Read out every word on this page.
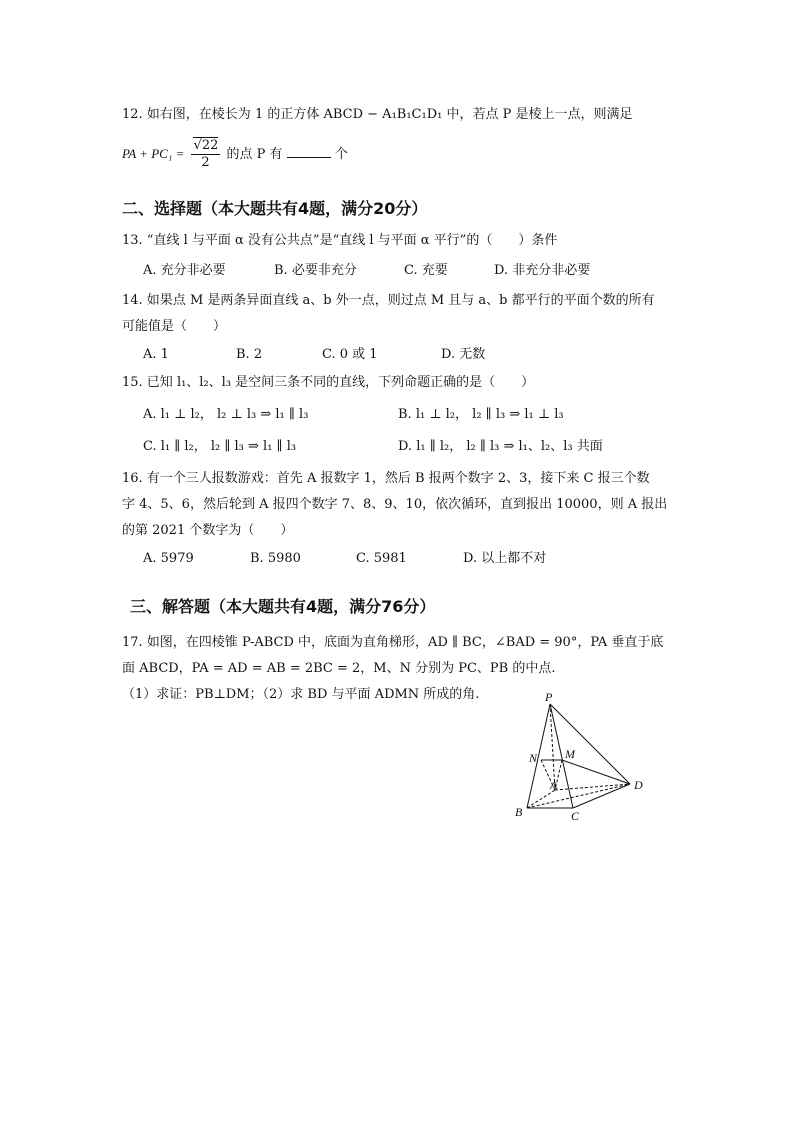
12. 如右图，在棱长为 1 的正方体 ABCD − A₁B₁C₁D₁ 中，若点 P 是棱上一点，则满足
PA + $PC_1 = \frac{√22}{2}$ 的点 P 有	个
二、选择题（本大题共有4题，满分20分）
13. “直线 l 与平面 α 没有公共点”是“直线 l 与平面 α 平行”的（　　）条件
A. 充分非必要	B. 必要非充分	C. 充要	D. 非充分非必要
14. 如果点 M 是两条异面直线 a、b 外一点，则过点 M 且与 a、b 都平行的平面个数的所有
可能值是（　　）
A. 1	B. 2	C. 0 或 1	D. 无数
15. 已知 l₁、l₂、l₃ 是空间三条不同的直线，下列命题正确的是（　　）
A. l₁ ⊥ l₂， l₂ ⊥ l₃ ⇒ l₁ ∥ l₃	B. l₁ ⊥ l₂， l₂ ∥ l₃ ⇒ l₁ ⊥ l₃
C. l₁ ∥ l₂， l₂ ∥ l₃ ⇒ l₁ ∥ l₃	D. l₁ ∥ l₂， l₂ ∥ l₃ ⇒ l₁、l₂、l₃ 共面
16. 有一个三人报数游戏：首先 A 报数字 1，然后 B 报两个数字 2、3，接下来 C 报三个数
字 4、5、6，然后轮到 A 报四个数字 7、8、9、10，依次循环，直到报出 10000，则 A 报出
的第 2021 个数字为（　　）
A. 5979	B. 5980	C. 5981	D. 以上都不对
三、解答题（本大题共有4题，满分76分）
17. 如图，在四棱锥 P-ABCD 中，底面为直角梯形，AD ∥ BC，∠BAD = 90°，PA 垂直于底
面 ABCD，PA = AD = AB = 2BC = 2，M、N 分别为 PC、PB 的中点.
（1）求证：PB⊥DM；（2）求 BD 与平面 ADMN 所成的角.	P
N M
A	D
B	C
